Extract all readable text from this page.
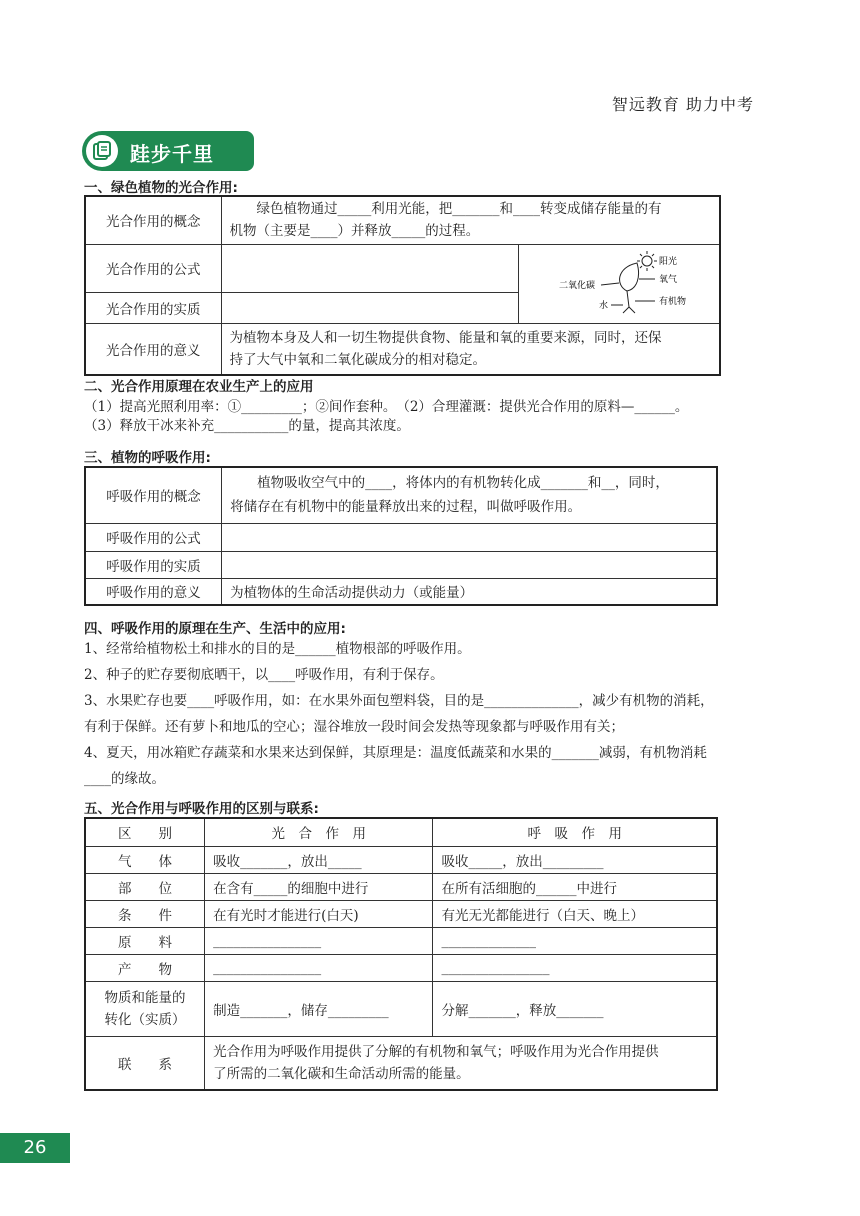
智远教育 助力中考
跬步千里
一、绿色植物的光合作用:
光合作用的概念	　　绿色植物通过_____利用光能，把_______和____转变成储存能量的有
机物（主要是____）并释放_____的过程。	

光合作用的公式		阳光
二氧化碳
氧气
水 有机物

光合作用的实质		
光合作用的意义	为植物本身及人和一切生物提供食物、能量和氧的重要来源，同时，还保
持了大气中氧和二氧化碳成分的相对稳定。	
二、光合作用原理在农业生产上的应用
（1）提高光照利用率：①_________；②间作套种。　（2）合理灌溉：提供光合作用的原料—______。
（3）释放干冰来补充___________的量，提高其浓度。
三、植物的呼吸作用:
呼吸作用的概念	　　植物吸收空气中的____，将体内的有机物转化成_______和__，同时，
将储存在有机物中的能量释放出来的过程，叫做呼吸作用。

呼吸作用的公式	
呼吸作用的实质	
呼吸作用的意义	为植物体的生命活动提供动力（或能量）
四、呼吸作用的原理在生产、生活中的应用:
1、经常给植物松土和排水的目的是______植物根部的呼吸作用。
2、种子的贮存要彻底晒干，以____呼吸作用，有利于保存。
3、水果贮存也要____呼吸作用，如：在水果外面包塑料袋，目的是______________，减少有机物的消耗，有利于保鲜。还有萝卜和地瓜的空心；湿谷堆放一段时间会发热等现象都与呼吸作用有关；
4、夏天，用冰箱贮存蔬菜和水果来达到保鲜，其原理是：温度低蔬菜和水果的_______减弱，有机物消耗____的缘故。
五、光合作用与呼吸作用的区别与联系:
区　　别	光　合　作　用	呼　吸　作　用
气　　体	吸收_______，放出_____	吸收_____，放出_________
部　　位	在含有_____的细胞中进行	在所有活细胞的______中进行
条　　件	在有光时才能进行(白天)	有光无光都能进行（白天、晚上）
原　　料	________________	______________
产　　物	________________	________________

物质和能量的
转化（实质）	制造_______，储存_________	分解_______，释放_______
联　　系	光合作用为呼吸作用提供了分解的有机物和氧气；呼吸作用为光合作用提供
了所需的二氧化碳和生命活动所需的能量。	
26
